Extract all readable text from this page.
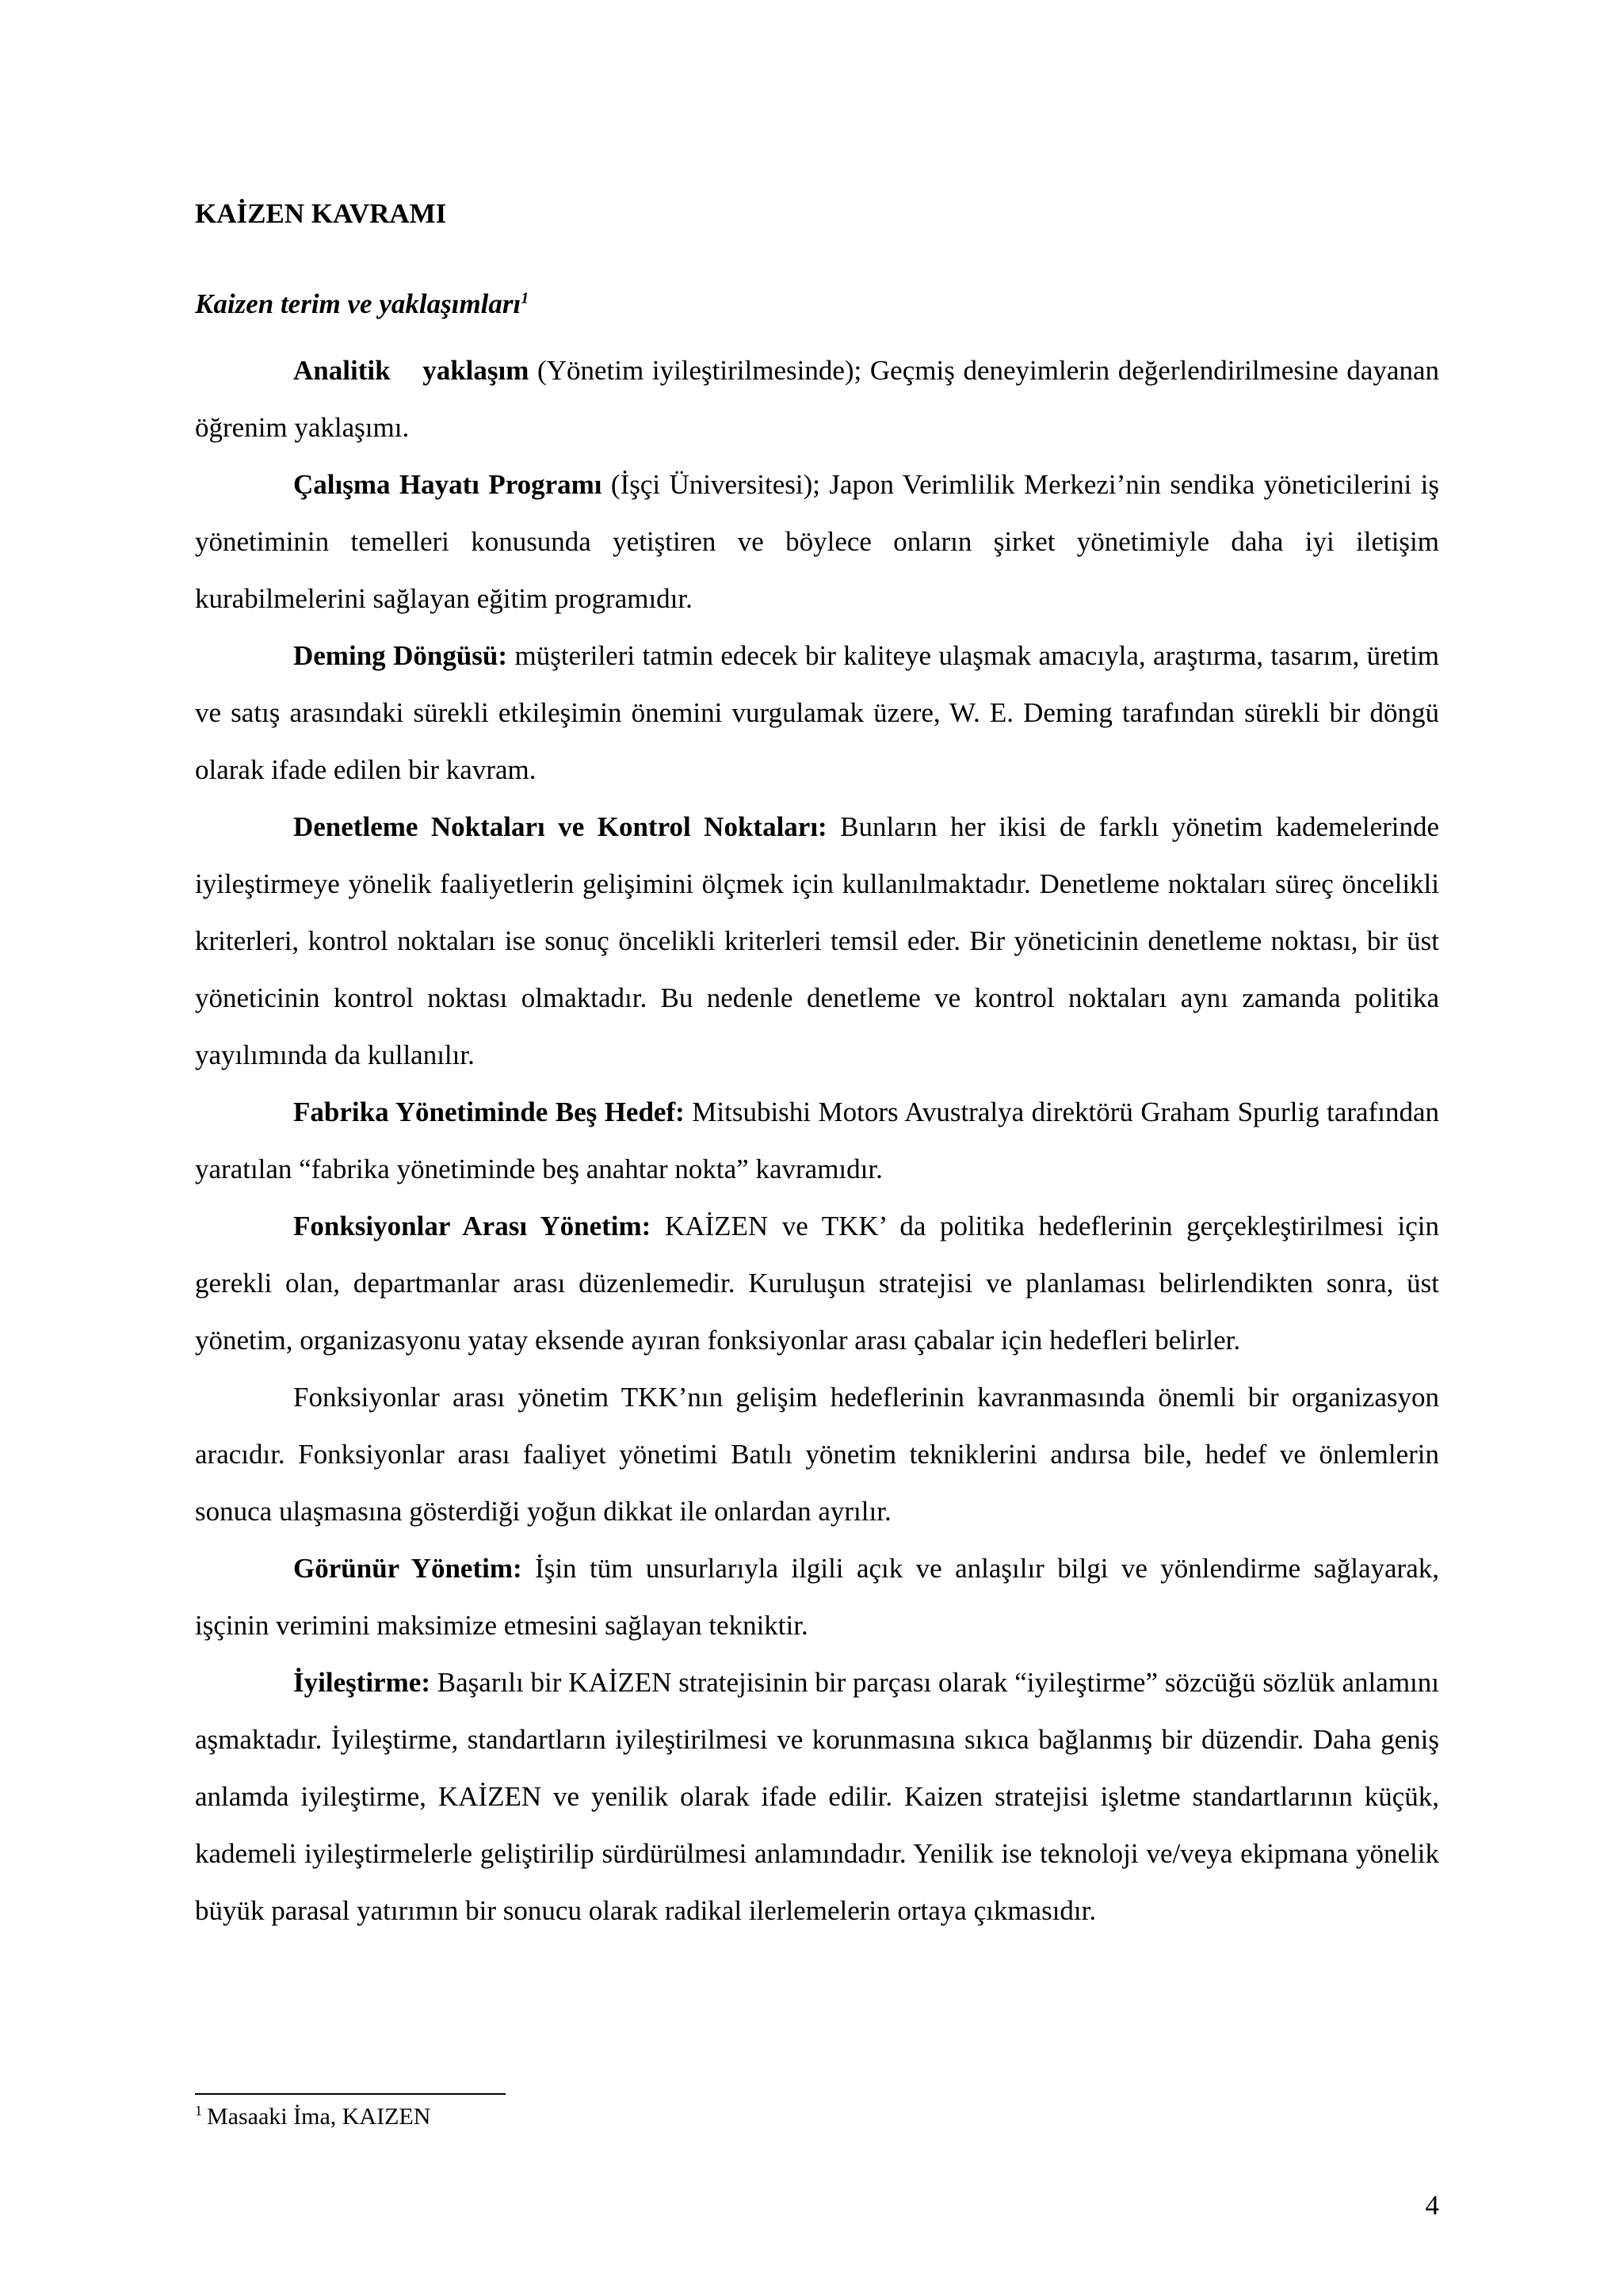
KAİZEN KAVRAMI
Kaizen terim ve yaklaşımları$^1$

Analitik yaklaşım (Yönetim iyileştirilmesinde); Geçmiş deneyimlerin değerlendirilmesine dayanan öğrenim yaklaşımı.

Çalışma Hayatı Programı (İşçi Üniversitesi); Japon Verimlilik Merkezi’nin sendika yöneticilerini iş yönetiminin temelleri konusunda yetiştiren ve böylece onların şirket yönetimiyle daha iyi iletişim kurabilmelerini sağlayan eğitim programıdır.

Deming Döngüsü: müşterileri tatmin edecek bir kaliteye ulaşmak amacıyla, araştırma, tasarım, üretim ve satış arasındaki sürekli etkileşimin önemini vurgulamak üzere, W. E. Deming tarafından sürekli bir döngü olarak ifade edilen bir kavram.

Denetleme Noktaları ve Kontrol Noktaları: Bunların her ikisi de farklı yönetim kademelerinde iyileştirmeye yönelik faaliyetlerin gelişimini ölçmek için kullanılmaktadır. Denetleme noktaları süreç öncelikli kriterleri, kontrol noktaları ise sonuç öncelikli kriterleri temsil eder. Bir yöneticinin denetleme noktası, bir üst yöneticinin kontrol noktası olmaktadır. Bu nedenle denetleme ve kontrol noktaları aynı zamanda politika yayılımında da kullanılır.

Fabrika Yönetiminde Beş Hedef: Mitsubishi Motors Avustralya direktörü Graham Spurlig tarafından yaratılan “fabrika yönetiminde beş anahtar nokta” kavramıdır.

Fonksiyonlar Arası Yönetim: KAİZEN ve TKK’ da politika hedeflerinin gerçekleştirilmesi için gerekli olan, departmanlar arası düzenlemedir. Kuruluşun stratejisi ve planlaması belirlendikten sonra, üst yönetim, organizasyonu yatay eksende ayıran fonksiyonlar arası çabalar için hedefleri belirler.

Fonksiyonlar arası yönetim TKK’nın gelişim hedeflerinin kavranmasında önemli bir organizasyon aracıdır. Fonksiyonlar arası faaliyet yönetimi Batılı yönetim tekniklerini andırsa bile, hedef ve önlemlerin sonuca ulaşmasına gösterdiği yoğun dikkat ile onlardan ayrılır.

Görünür Yönetim: İşin tüm unsurlarıyla ilgili açık ve anlaşılır bilgi ve yönlendirme sağlayarak, işçinin verimini maksimize etmesini sağlayan tekniktir.

İyileştirme: Başarılı bir KAİZEN stratejisinin bir parçası olarak “iyileştirme” sözcüğü sözlük anlamını aşmaktadır. İyileştirme, standartların iyileştirilmesi ve korunmasına sıkıca bağlanmış bir düzendir. Daha geniş anlamda iyileştirme, KAİZEN ve yenilik olarak ifade edilir. Kaizen stratejisi işletme standartlarının küçük, kademeli iyileştirmelerle geliştirilip sürdürülmesi anlamındadır. Yenilik ise teknoloji ve/veya ekipmana yönelik büyük parasal yatırımın bir sonucu olarak radikal ilerlemelerin ortaya çıkmasıdır.

$^1$ Masaaki İma, KAIZEN

4
